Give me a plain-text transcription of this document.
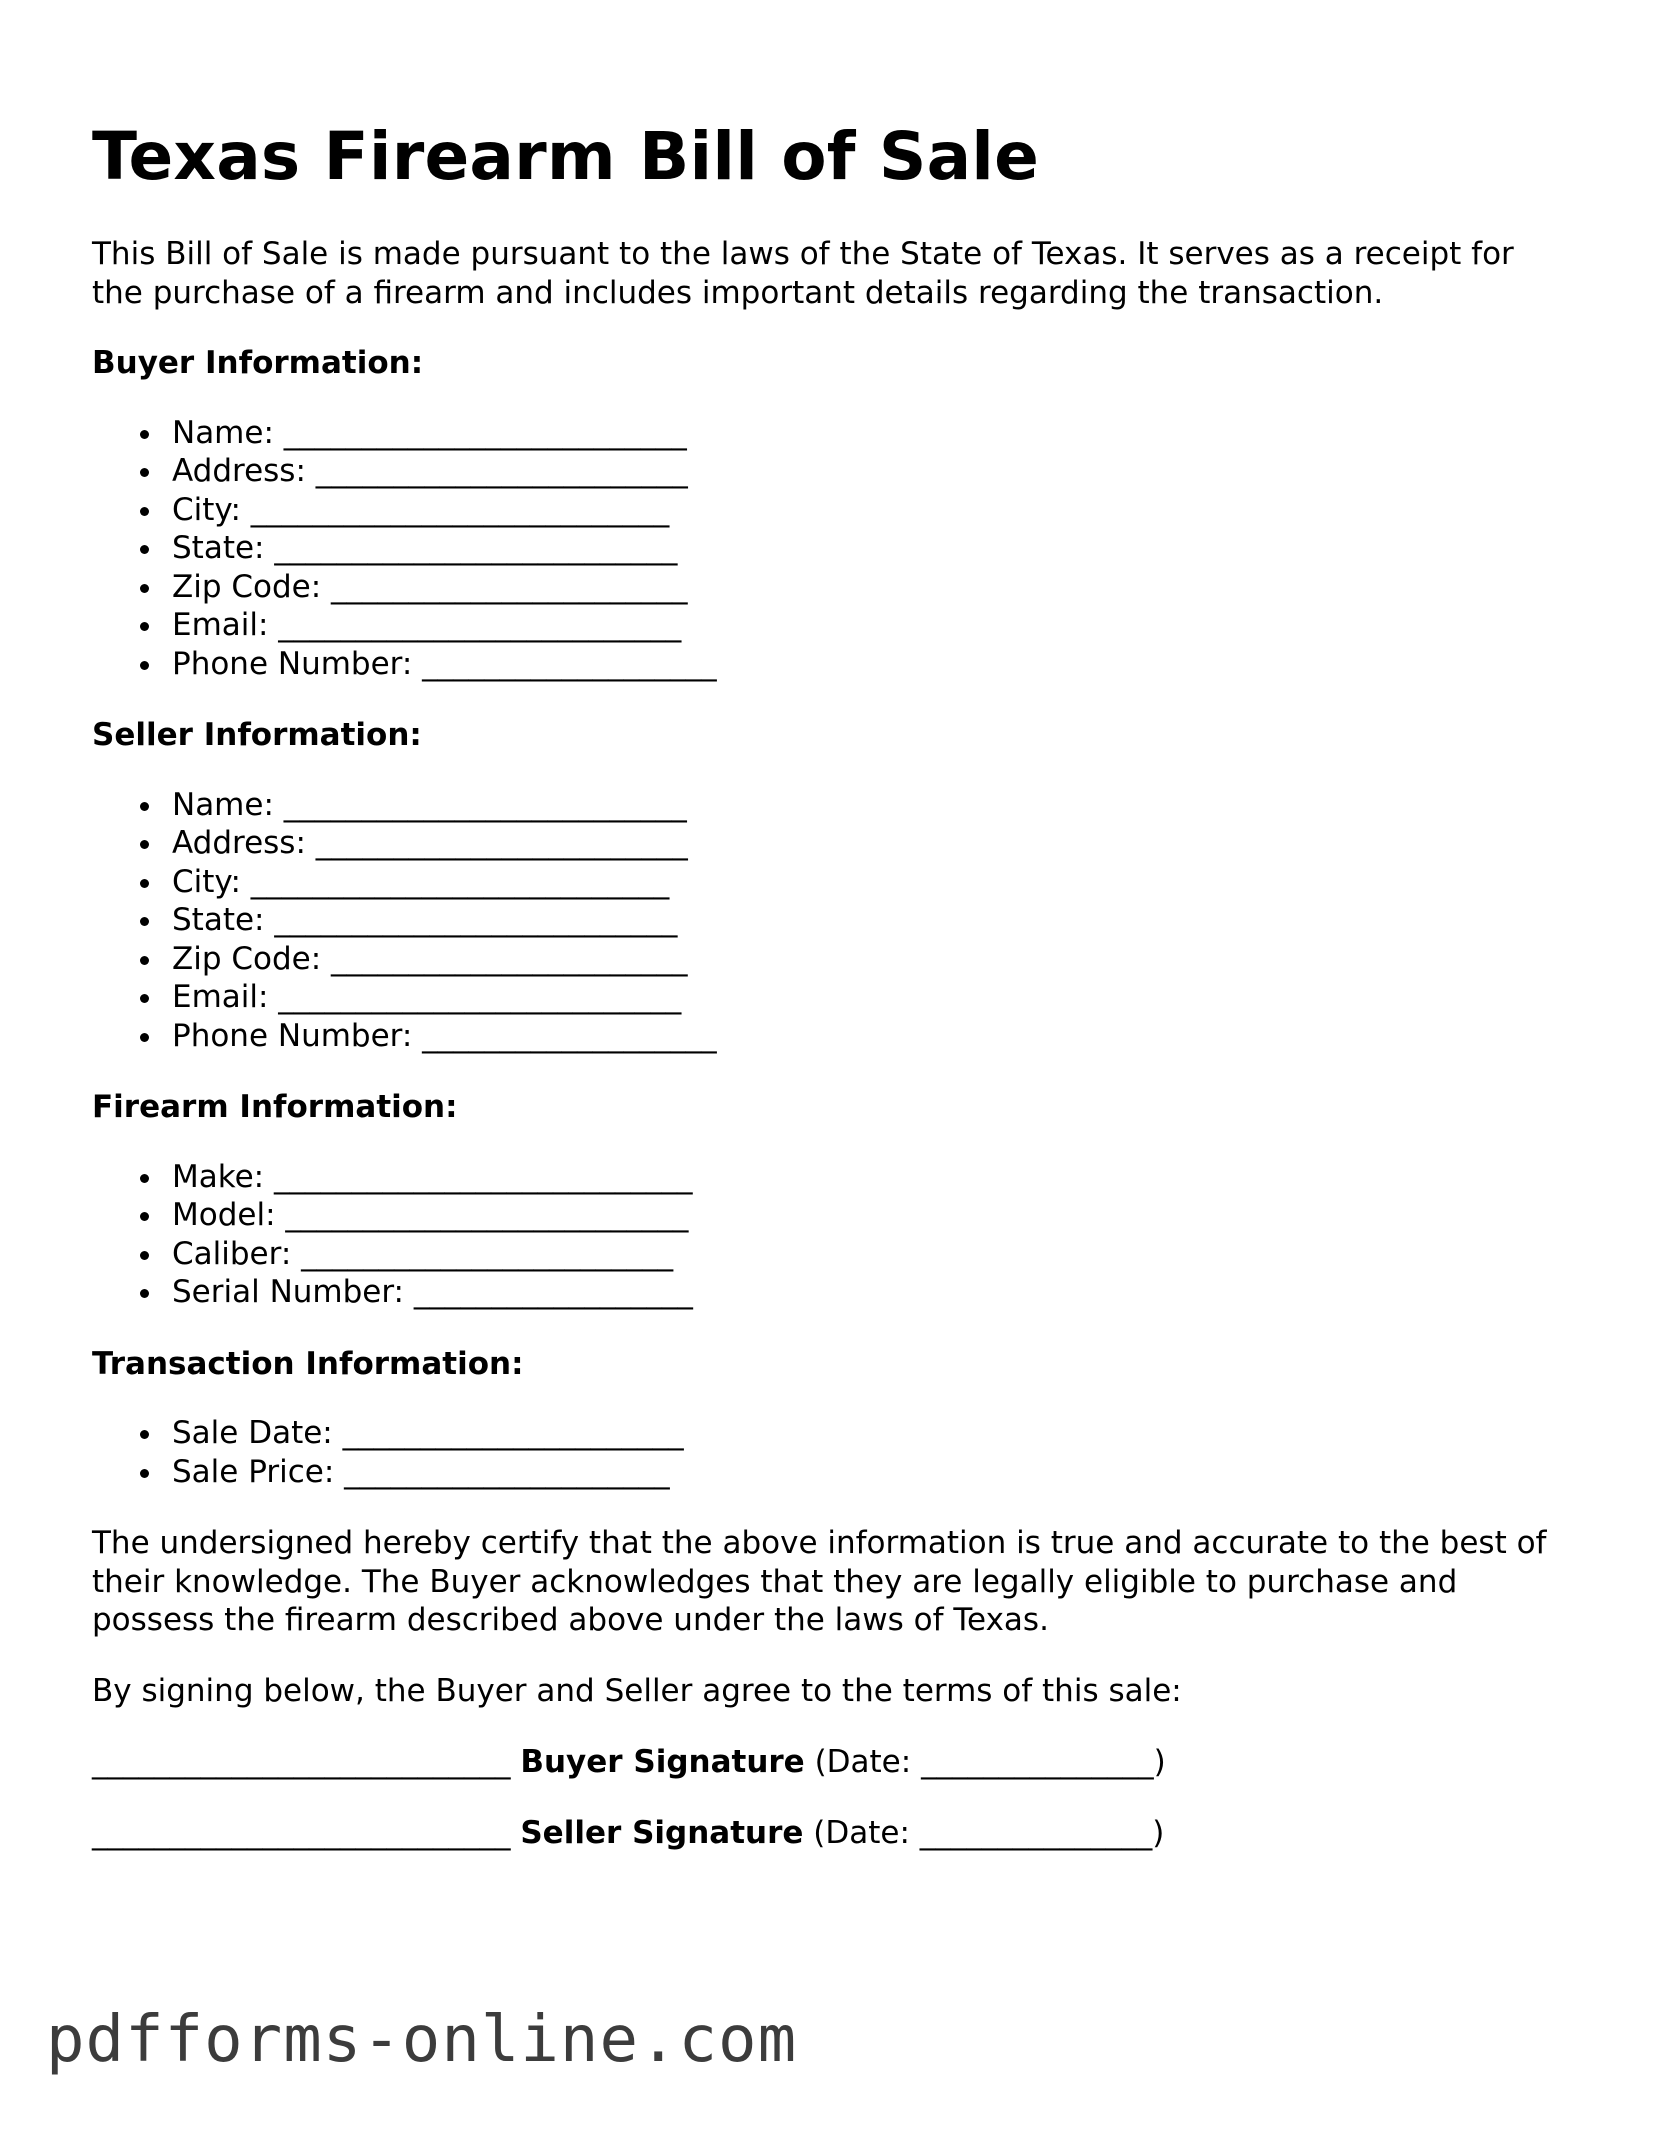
Texas Firearm Bill of Sale

This Bill of Sale is made pursuant to the laws of the State of Texas. It serves as a receipt for the purchase of a firearm and includes important details regarding the transaction.

Buyer Information:
Name: __________________________
Address: ________________________
City: ___________________________
State: __________________________
Zip Code: _______________________
Email: __________________________
Phone Number: ___________________
Seller Information:
Name: __________________________
Address: ________________________
City: ___________________________
State: __________________________
Zip Code: _______________________
Email: __________________________
Phone Number: ___________________
Firearm Information:
Make: ___________________________
Model: __________________________
Caliber: ________________________
Serial Number: __________________
Transaction Information:
Sale Date: ______________________
Sale Price: _____________________

The undersigned hereby certify that the above information is true and accurate to the best of their knowledge. The Buyer acknowledges that they are legally eligible to purchase and possess the firearm described above under the laws of Texas.

By signing below, the Buyer and Seller agree to the terms of this sale:

___________________________ Buyer Signature (Date: _______________)
___________________________ Seller Signature (Date: _______________)
pdfforms-online.com
